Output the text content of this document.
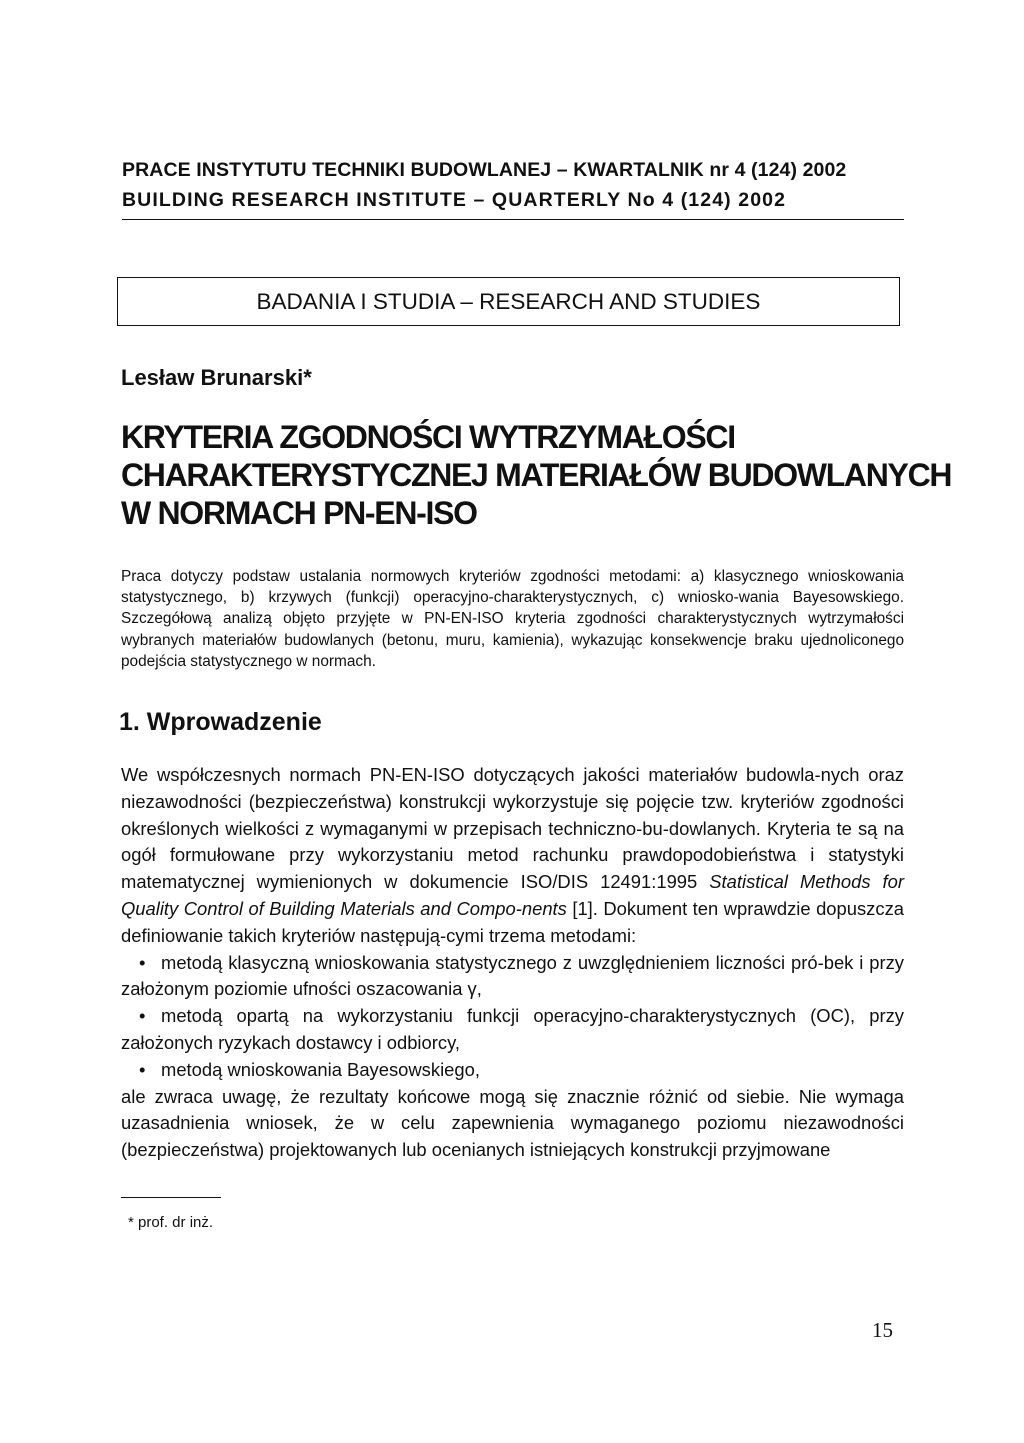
PRACE INSTYTUTU TECHNIKI BUDOWLANEJ – KWARTALNIK nr 4 (124) 2002
BUILDING RESEARCH INSTITUTE – QUARTERLY No 4 (124) 2002
BADANIA I STUDIA – RESEARCH AND STUDIES
Lesław Brunarski*
KRYTERIA ZGODNOŚCI WYTRZYMAŁOŚCI
CHARAKTERYSTYCZNEJ MATERIAŁÓW BUDOWLANYCH
W NORMACH PN-EN-ISO
Praca dotyczy podstaw ustalania normowych kryteriów zgodności metodami: a) klasycznego wnioskowania statystycznego, b) krzywych (funkcji) operacyjno-charakterystycznych, c) wniosko-wania Bayesowskiego. Szczegółową analizą objęto przyjęte w PN-EN-ISO kryteria zgodności charakterystycznych wytrzymałości wybranych materiałów budowlanych (betonu, muru, kamienia), wykazując konsekwencje braku ujednoliconego podejścia statystycznego w normach.
1. Wprowadzenie

We współczesnych normach PN-EN-ISO dotyczących jakości materiałów budowla-nych oraz niezawodności (bezpieczeństwa) konstrukcji wykorzystuje się pojęcie tzw. kryteriów zgodności określonych wielkości z wymaganymi w przepisach techniczno-bu-dowlanych. Kryteria te są na ogół formułowane przy wykorzystaniu metod rachunku prawdopodobieństwa i statystyki matematycznej wymienionych w dokumencie ISO/DIS 12491:1995 Statistical Methods for Quality Control of Building Materials and Compo-nents [1]. Dokument ten wprawdzie dopuszcza definiowanie takich kryteriów następują-cymi trzema metodami:

• metodą klasyczną wnioskowania statystycznego z uwzględnieniem liczności pró-bek i przy założonym poziomie ufności oszacowania γ,
• metodą opartą na wykorzystaniu funkcji operacyjno-charakterystycznych (OC), przy założonych ryzykach dostawcy i odbiorcy,
• metodą wnioskowania Bayesowskiego,

ale zwraca uwagę, że rezultaty końcowe mogą się znacznie różnić od siebie. Nie wymaga uzasadnienia wniosek, że w celu zapewnienia wymaganego poziomu niezawodności (bezpieczeństwa) projektowanych lub ocenianych istniejących konstrukcji przyjmowane

* prof. dr inż.
15
